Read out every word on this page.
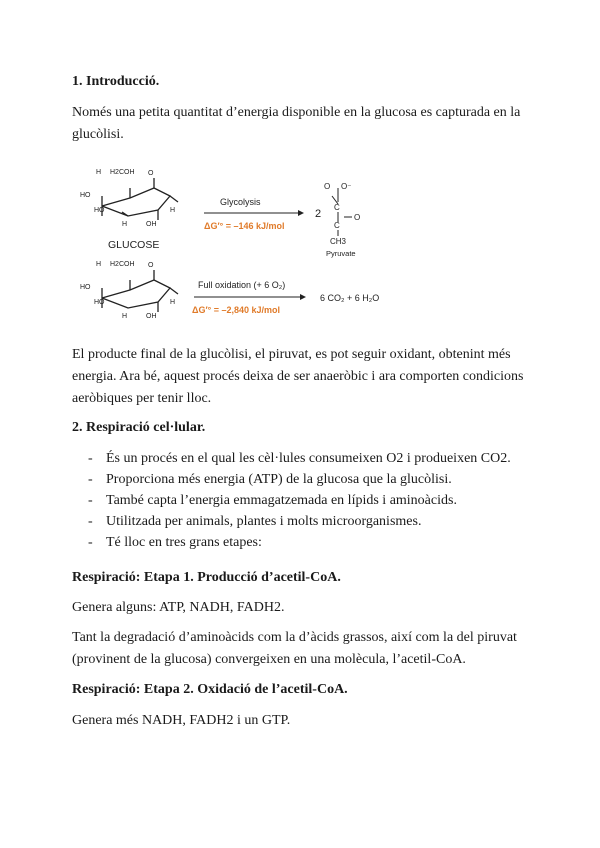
1. Introducció.

Només una petita quantitat d’energia disponible en la glucosa es capturada en la

glucòlisi.

H H2COH O
HO
HO	H
OH
H
GLUCOSE
Glycolysis
ΔG′° = –146 kJ/mol
2
O O⁻
C
C
O
CH3
Pyruvate
H H2COH O
HO
HO	H
OH
H
Full oxidation (+ 6 O₂)
ΔG′° = –2,840 kJ/mol
6 CO₂ + 6 H₂O

El producte final de la glucòlisi, el piruvat, es pot seguir oxidant, obtenint més

energia. Ara bé, aquest procés deixa de ser anaeròbic i ara comporten condicions

aeròbiques per tenir lloc.

2. Respiració cel·lular.

- És un procés en el qual les cèl·lules consumeixen O2 i produeixen CO2.
- Proporciona més energia (ATP) de la glucosa que la glucòlisi.
- També capta l’energia emmagatzemada en lípids i aminoàcids.
- Utilitzada per animals, plantes i molts microorganismes.
- Té lloc en tres grans etapes:

Respiració: Etapa 1. Producció d’acetil-CoA.

Genera alguns: ATP, NADH, FADH2.

Tant la degradació d’aminoàcids com la d’àcids grassos, així com la del piruvat

(provinent de la glucosa) convergeixen en una molècula, l’acetil-CoA.

Respiració: Etapa 2. Oxidació de l’acetil-CoA.

Genera més NADH, FADH2 i un GTP.
